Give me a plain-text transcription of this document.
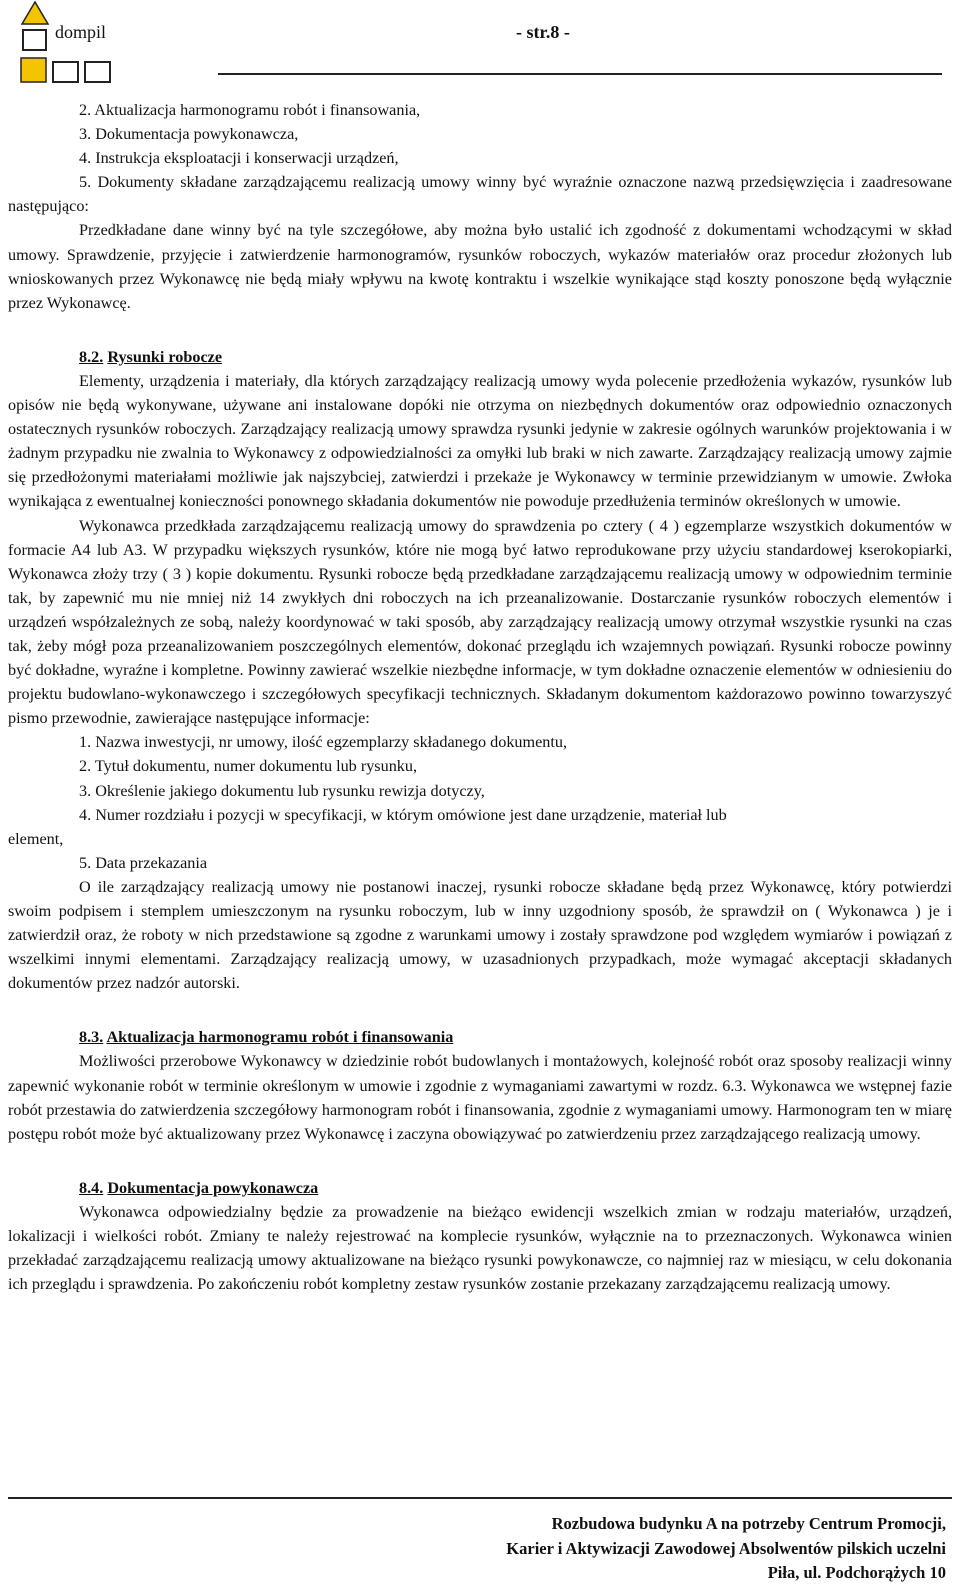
dompil	- str.8 -

2. Aktualizacja harmonogramu robót i finansowania,

3. Dokumentacja powykonawcza,

4. Instrukcja eksploatacji i konserwacji urządzeń,

5. Dokumenty składane zarządzającemu realizacją umowy winny być wyraźnie oznaczone nazwą przedsięwzięcia i zaadresowane następująco:

Przedkładane dane winny być na tyle szczegółowe, aby można było ustalić ich zgodność z dokumentami wchodzącymi w skład umowy. Sprawdzenie, przyjęcie i zatwierdzenie harmonogramów, rysunków roboczych, wykazów materiałów oraz procedur złożonych lub wnioskowanych przez Wykonawcę nie będą miały wpływu na kwotę kontraktu i wszelkie wynikające stąd koszty ponoszone będą wyłącznie przez Wykonawcę.

8.2. Rysunki robocze

Elementy, urządzenia i materiały, dla których zarządzający realizacją umowy wyda polecenie przedłożenia wykazów, rysunków lub opisów nie będą wykonywane, używane ani instalowane dopóki nie otrzyma on niezbędnych dokumentów oraz odpowiednio oznaczonych ostatecznych rysunków roboczych. Zarządzający realizacją umowy sprawdza rysunki jedynie w zakresie ogólnych warunków projektowania i w żadnym przypadku nie zwalnia to Wykonawcy z odpowiedzialności za omyłki lub braki w nich zawarte. Zarządzający realizacją umowy zajmie się przedłożonymi materiałami możliwie jak najszybciej, zatwierdzi i przekaże je Wykonawcy w terminie przewidzianym w umowie. Zwłoka wynikająca z ewentualnej konieczności ponownego składania dokumentów nie powoduje przedłużenia terminów określonych w umowie.

Wykonawca przedkłada zarządzającemu realizacją umowy do sprawdzenia po cztery ( 4 ) egzemplarze wszystkich dokumentów w formacie A4 lub A3. W przypadku większych rysunków, które nie mogą być łatwo reprodukowane przy użyciu standardowej kserokopiarki, Wykonawca złoży trzy ( 3 ) kopie dokumentu. Rysunki robocze będą przedkładane zarządzającemu realizacją umowy w odpowiednim terminie tak, by zapewnić mu nie mniej niż 14 zwykłych dni roboczych na ich przeanalizowanie. Dostarczanie rysunków roboczych elementów i urządzeń współzależnych ze sobą, należy koordynować w taki sposób, aby zarządzający realizacją umowy otrzymał wszystkie rysunki na czas tak, żeby mógł poza przeanalizowaniem poszczególnych elementów, dokonać przeglądu ich wzajemnych powiązań. Rysunki robocze powinny być dokładne, wyraźne i kompletne. Powinny zawierać wszelkie niezbędne informacje, w tym dokładne oznaczenie elementów w odniesieniu do projektu budowlano-wykonawczego i szczegółowych specyfikacji technicznych. Składanym dokumentom każdorazowo powinno towarzyszyć pismo przewodnie, zawierające następujące informacje:

1. Nazwa inwestycji, nr umowy, ilość egzemplarzy składanego dokumentu,

2. Tytuł dokumentu, numer dokumentu lub rysunku,

3. Określenie jakiego dokumentu lub rysunku rewizja dotyczy,

4. Numer rozdziału i pozycji w specyfikacji, w którym omówione jest dane urządzenie, materiał lub

element,

5. Data przekazania

O ile zarządzający realizacją umowy nie postanowi inaczej, rysunki robocze składane będą przez Wykonawcę, który potwierdzi swoim podpisem i stemplem umieszczonym na rysunku roboczym, lub w inny uzgodniony sposób, że sprawdził on ( Wykonawca ) je i zatwierdził oraz, że roboty w nich przedstawione są zgodne z warunkami umowy i zostały sprawdzone pod względem wymiarów i powiązań z wszelkimi innymi elementami. Zarządzający realizacją umowy, w uzasadnionych przypadkach, może wymagać akceptacji składanych dokumentów przez nadzór autorski.

8.3. Aktualizacja harmonogramu robót i finansowania

Możliwości przerobowe Wykonawcy w dziedzinie robót budowlanych i montażowych, kolejność robót oraz sposoby realizacji winny zapewnić wykonanie robót w terminie określonym w umowie i zgodnie z wymaganiami zawartymi w rozdz. 6.3. Wykonawca we wstępnej fazie robót przestawia do zatwierdzenia szczegółowy harmonogram robót i finansowania, zgodnie z wymaganiami umowy. Harmonogram ten w miarę postępu robót może być aktualizowany przez Wykonawcę i zaczyna obowiązywać po zatwierdzeniu przez zarządzającego realizacją umowy.

8.4. Dokumentacja powykonawcza

Wykonawca odpowiedzialny będzie za prowadzenie na bieżąco ewidencji wszelkich zmian w rodzaju materiałów, urządzeń, lokalizacji i wielkości robót. Zmiany te należy rejestrować na komplecie rysunków, wyłącznie na to przeznaczonych. Wykonawca winien przekładać zarządzającemu realizacją umowy aktualizowane na bieżąco rysunki powykonawcze, co najmniej raz w miesiącu, w celu dokonania ich przeglądu i sprawdzenia. Po zakończeniu robót kompletny zestaw rysunków zostanie przekazany zarządzającemu realizacją umowy.

Rozbudowa budynku A na potrzeby Centrum Promocji,
Karier i Aktywizacji Zawodowej Absolwentów pilskich uczelni
Piła, ul. Podchorążych 10
